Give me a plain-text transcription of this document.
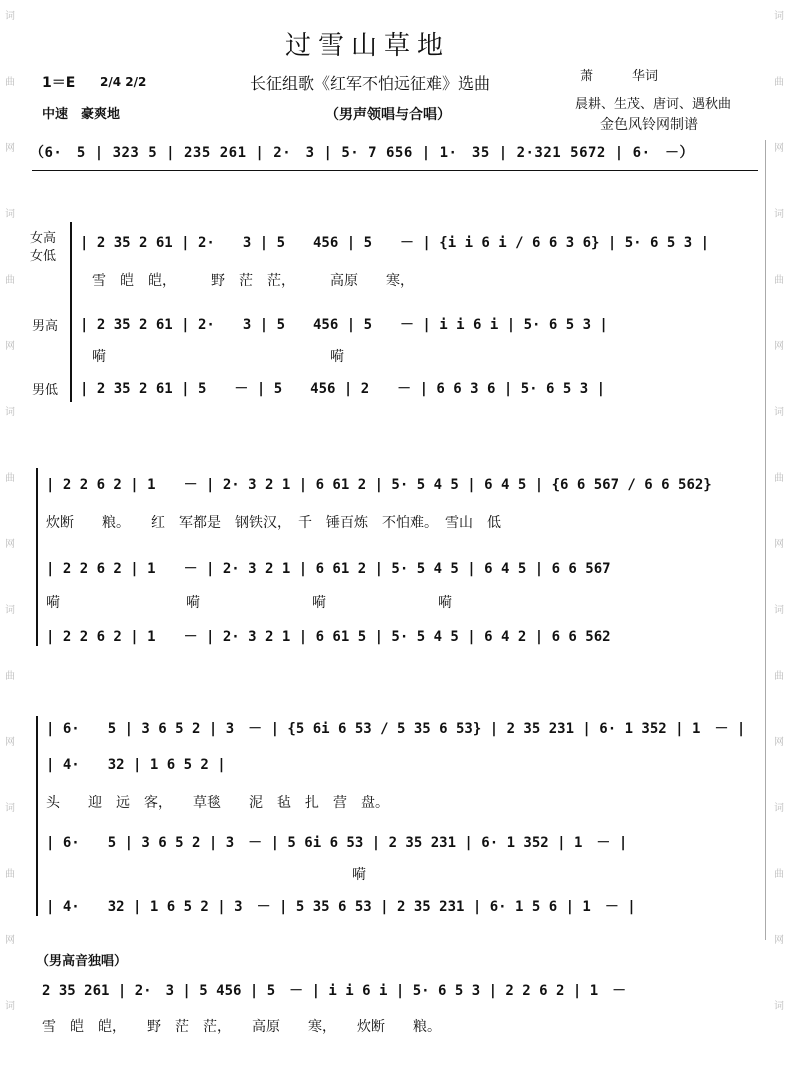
词
曲
网
词
曲
网
词
曲
网
词
曲
网
词
曲
网
词
词
曲
网
词
曲
网
词
曲
网
词
曲
网
词
曲
网
词
过雪山草地
1＝E 2/4 2/2	长征组歌《红军不怕远征难》选曲	萧　　　华词
中速　豪爽地	（男声领唱与合唱）
晨耕、生茂、唐诃、遇秋曲
金色风铃网制谱
（6·　5 | 323 5 | 235 261 | 2·　3 | 5· 7 656 | 1·　35 | 2·321 5672 | 6·　－）
女高
女低
| 2 35 2 61 | 2·　　3 | 5　　456 | 5　　－ | {i i 6 i / 6 6 3 6} | 5· 6 5 3 |
雪　皑　皑，　　　野　茫　茫，　　　高原　　寒，
男高 | 2 35 2 61 | 2·　　3 | 5　　456 | 5　　－ | i i 6 i | 5· 6 5 3 |
嗬　　　　　　　　　　　　　　　　嗬
男低 | 2 35 2 61 | 5　　－ | 5　　456 | 2　　－ | 6 6 3 6 | 5· 6 5 3 |
| 2 2 6 2 | 1　　－ | 2· 3 2 1 | 6 61 2 | 5· 5 4 5 | 6 4 5 | {6 6 567 / 6 6 562}
炊断　　粮。　　红　军都是　钢铁汉，　千　锤百炼　不怕难。　雪山　低
| 2 2 6 2 | 1　　－ | 2· 3 2 1 | 6 61 2 | 5· 5 4 5 | 6 4 5 | 6 6 567
嗬　　　　　　　　　嗬　　　　　　　　嗬　　　　　　　　嗬
| 2 2 6 2 | 1　　－ | 2· 3 2 1 | 6 61 5 | 5· 5 4 5 | 6 4 2 | 6 6 562
| 6·　　5 | 3 6 5 2 | 3　－ | {5 6i 6 53 / 5 35 6 53} | 2 35 231 | 6· 1 352 | 1　－ |
| 4·　　32 | 1 6 5 2 |
头　　迎　远　客，　　草毯　　泥　毡　扎　营　盘。
| 6·　　5 | 3 6 5 2 | 3　－ | 5 6i 6 53 | 2 35 231 | 6· 1 352 | 1　－ |
嗬
| 4·　　32 | 1 6 5 2 | 3　－ | 5 35 6 53 | 2 35 231 | 6· 1 5 6 | 1　－ |
（男高音独唱）
2 35 261 | 2·　3 | 5 456 | 5　－ | i i 6 i | 5· 6 5 3 | 2 2 6 2 | 1　－
雪　皑　皑，　　野　茫　茫，　　高原　　寒，　　炊断　　粮。
